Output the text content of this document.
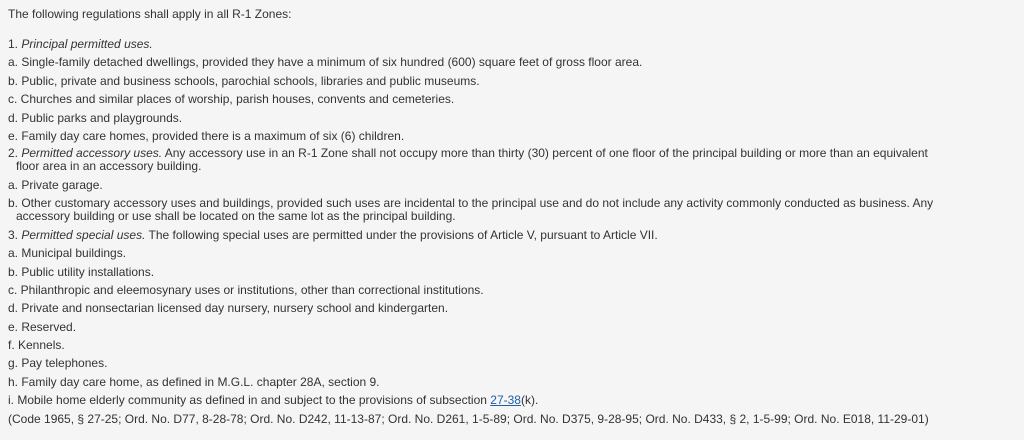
The following regulations shall apply in all R-1 Zones:

1. Principal permitted uses.

a. Single-family detached dwellings, provided they have a minimum of six hundred (600) square feet of gross floor area.

b. Public, private and business schools, parochial schools, libraries and public museums.

c. Churches and similar places of worship, parish houses, convents and cemeteries.

d. Public parks and playgrounds.

e. Family day care homes, provided there is a maximum of six (6) children.

2. Permitted accessory uses. Any accessory use in an R-1 Zone shall not occupy more than thirty (30) percent of one floor of the principal building or more than an equivalent
floor area in an accessory building.

a. Private garage.

b. Other customary accessory uses and buildings, provided such uses are incidental to the principal use and do not include any activity commonly conducted as business. Any
accessory building or use shall be located on the same lot as the principal building.

3. Permitted special uses. The following special uses are permitted under the provisions of Article V, pursuant to Article VII.

a. Municipal buildings.

b. Public utility installations.

c. Philanthropic and eleemosynary uses or institutions, other than correctional institutions.

d. Private and nonsectarian licensed day nursery, nursery school and kindergarten.

e. Reserved.

f. Kennels.

g. Pay telephones.

h. Family day care home, as defined in M.G.L. chapter 28A, section 9.

i. Mobile home elderly community as defined in and subject to the provisions of subsection 27-38(k).

(Code 1965, § 27-25; Ord. No. D77, 8-28-78; Ord. No. D242, 11-13-87; Ord. No. D261, 1-5-89; Ord. No. D375, 9-28-95; Ord. No. D433, § 2, 1-5-99; Ord. No. E018, 11-29-01)
